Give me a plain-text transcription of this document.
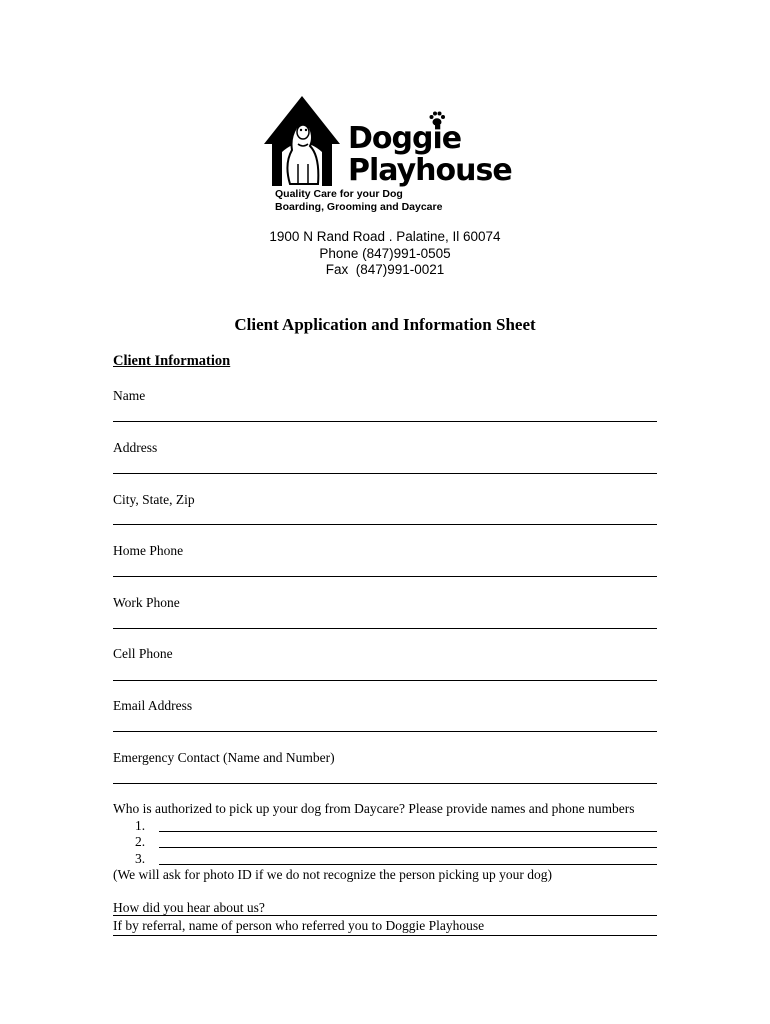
Doggie
Playhouse
Quality Care for your Dog
Boarding, Grooming and Daycare
1900 N Rand Road . Palatine, Il 60074
Phone (847)991-0505
Fax  (847)991-0021
Client Application and Information Sheet
Client Information
Name
Address
City, State, Zip
Home Phone
Work Phone
Cell Phone
Email Address
Emergency Contact (Name and Number)
Who is authorized to pick up your dog from Daycare? Please provide names and phone numbers
1.
2.
3.
(We will ask for photo ID if we do not recognize the person picking up your dog)
How did you hear about us?
If by referral, name of person who referred you to Doggie Playhouse
